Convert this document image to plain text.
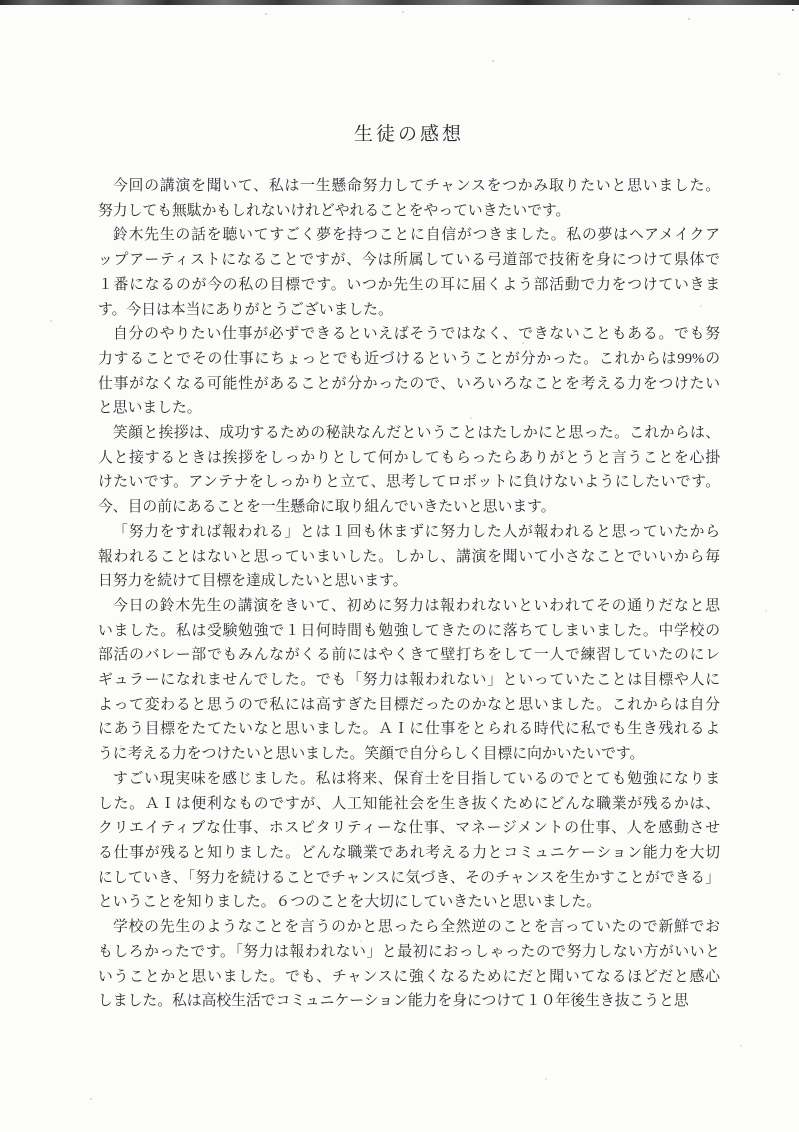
生徒の感想
今回の講演を聞いて、私は一生懸命努力してチャンスをつかみ取りたいと思いました。
努力しても無駄かもしれないけれどやれることをやっていきたいです。
鈴木先生の話を聴いてすごく夢を持つことに自信がつきました。私の夢はヘアメイクア
ップアーティストになることですが、今は所属している弓道部で技術を身につけて県体で
１番になるのが今の私の目標です。いつか先生の耳に届くよう部活動で力をつけていきま
す。今日は本当にありがとうございました。
自分のやりたい仕事が必ずできるといえばそうではなく、できないこともある。でも努
力することでその仕事にちょっとでも近づけるということが分かった。これからは99%の
仕事がなくなる可能性があることが分かったので、いろいろなことを考える力をつけたい
と思いました。
笑顔と挨拶は、成功するための秘訣なんだということはたしかにと思った。これからは、
人と接するときは挨拶をしっかりとして何かしてもらったらありがとうと言うことを心掛
けたいです。アンテナをしっかりと立て、思考してロボットに負けないようにしたいです。
今、目の前にあることを一生懸命に取り組んでいきたいと思います。
「努力をすれば報われる」とは１回も休まずに努力した人が報われると思っていたから
報われることはないと思っていまいした。しかし、講演を聞いて小さなことでいいから毎
日努力を続けて目標を達成したいと思います。
今日の鈴木先生の講演をきいて、初めに努力は報われないといわれてその通りだなと思
いました。私は受験勉強で１日何時間も勉強してきたのに落ちてしまいました。中学校の
部活のバレー部でもみんながくる前にはやくきて壁打ちをして一人で練習していたのにレ
ギュラーになれませんでした。でも「努力は報われない」といっていたことは目標や人に
よって変わると思うので私には高すぎた目標だったのかなと思いました。これからは自分
にあう目標をたてたいなと思いました。ＡＩに仕事をとられる時代に私でも生き残れるよ
うに考える力をつけたいと思いました。笑顔で自分らしく目標に向かいたいです。
すごい現実味を感じました。私は将来、保育士を目指しているのでとても勉強になりま
した。ＡＩは便利なものですが、人工知能社会を生き抜くためにどんな職業が残るかは、
クリエイティブな仕事、ホスピタリティーな仕事、マネージメントの仕事、人を感動させ
る仕事が残ると知りました。どんな職業であれ考える力とコミュニケーション能力を大切
にしていき、「努力を続けることでチャンスに気づき、そのチャンスを生かすことができる」
ということを知りました。６つのことを大切にしていきたいと思いました。
学校の先生のようなことを言うのかと思ったら全然逆のことを言っていたので新鮮でお
もしろかったです。「努力は報われない」と最初におっしゃったので努力しない方がいいと
いうことかと思いました。でも、チャンスに強くなるためにだと聞いてなるほどだと感心
しました。私は高校生活でコミュニケーション能力を身につけて１０年後生き抜こうと思
